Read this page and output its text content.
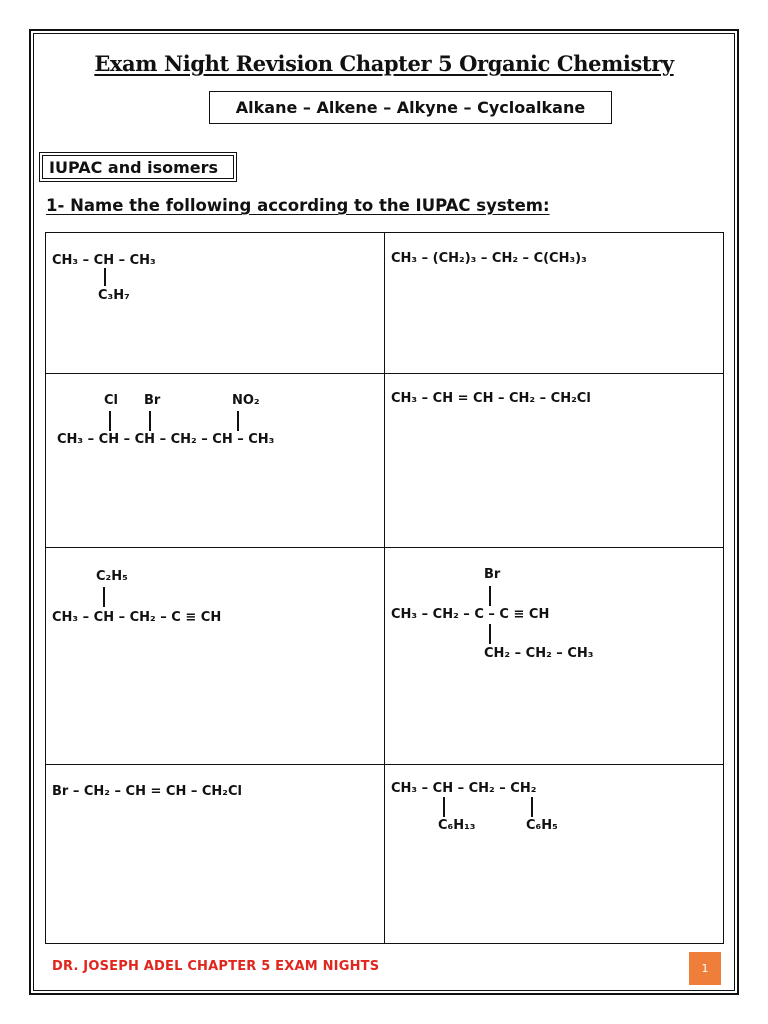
Exam Night Revision Chapter 5 Organic Chemistry
Alkane – Alkene – Alkyne – Cycloalkane
IUPAC and isomers
1- Name the following according to the IUPAC system:
CH₃ – CH – CH₃
C₃H₇
CH₃ – (CH₂)₃ – CH₂ – C(CH₃)₃
Cl Br	NO₂
CH₃ – CH – CH – CH₂ – CH – CH₃
CH₃ – CH = CH – CH₂ – CH₂Cl
C₂H₅
CH₃ – CH – CH₂ – C ≡ CH
Br
CH₃ – CH₂ – C – C ≡ CH
CH₂ – CH₂ – CH₃
Br – CH₂ – CH = CH – CH₂Cl	CH₃ – CH – CH₂ – CH₂
C₆H₁₃	C₆H₅
DR. JOSEPH ADEL CHAPTER 5 EXAM NIGHTS	1
